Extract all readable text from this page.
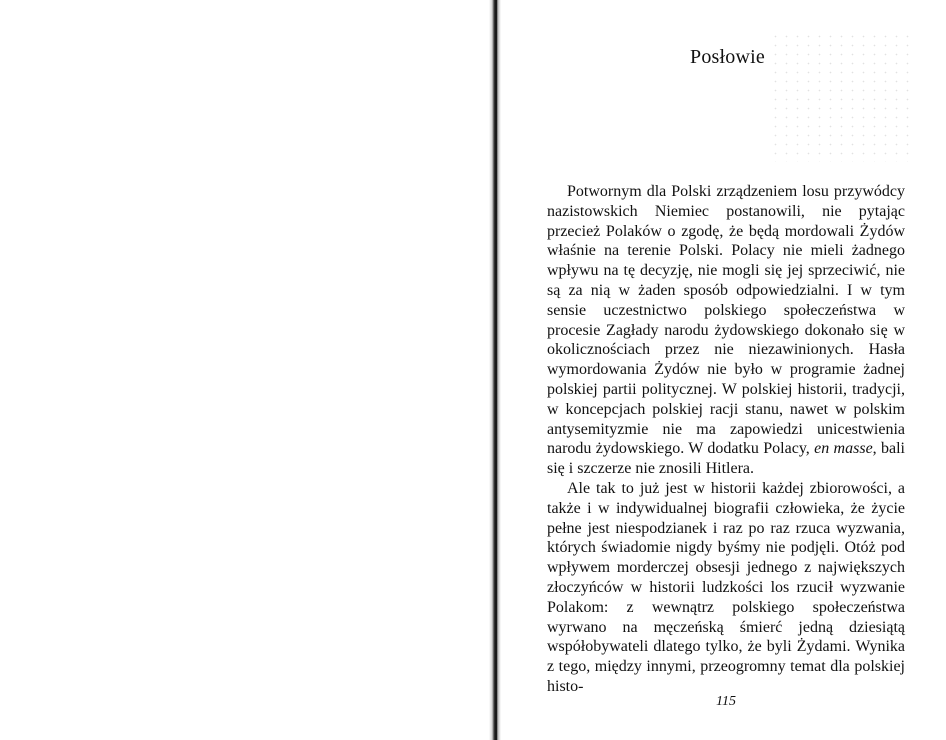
Posłowie

Potwornym dla Polski zrządzeniem losu przywódcy nazistowskich Niemiec postanowili, nie pytając przecież Polaków o zgodę, że będą mordowali Żydów właśnie na terenie Polski. Polacy nie mieli żadnego wpływu na tę decyzję, nie mogli się jej sprzeciwić, nie są za nią w żaden sposób odpowiedzialni. I w tym sensie uczestnictwo polskiego społeczeństwa w procesie Zagłady narodu żydowskiego dokonało się w okolicznościach przez nie niezawinionych. Hasła wymordowania Żydów nie było w programie żadnej polskiej partii politycznej. W polskiej historii, tradycji, w koncepcjach polskiej racji stanu, nawet w polskim antysemityzmie nie ma zapowiedzi unicestwienia narodu żydowskiego. W dodatku Polacy, en masse, bali się i szczerze nie znosili Hitlera.

Ale tak to już jest w historii każdej zbiorowości, a także i w indywidualnej biografii człowieka, że życie pełne jest niespodzianek i raz po raz rzuca wyzwania, których świadomie nigdy byśmy nie podjęli. Otóż pod wpływem morderczej obsesji jednego z największych złoczyńców w historii ludzkości los rzucił wyzwanie Polakom: z wewnątrz polskiego społeczeństwa wyrwano na męczeńską śmierć jedną dziesiątą współobywateli dlatego tylko, że byli Żydami. Wynika z tego, między innymi, przeogromny temat dla polskiej histo-

115
